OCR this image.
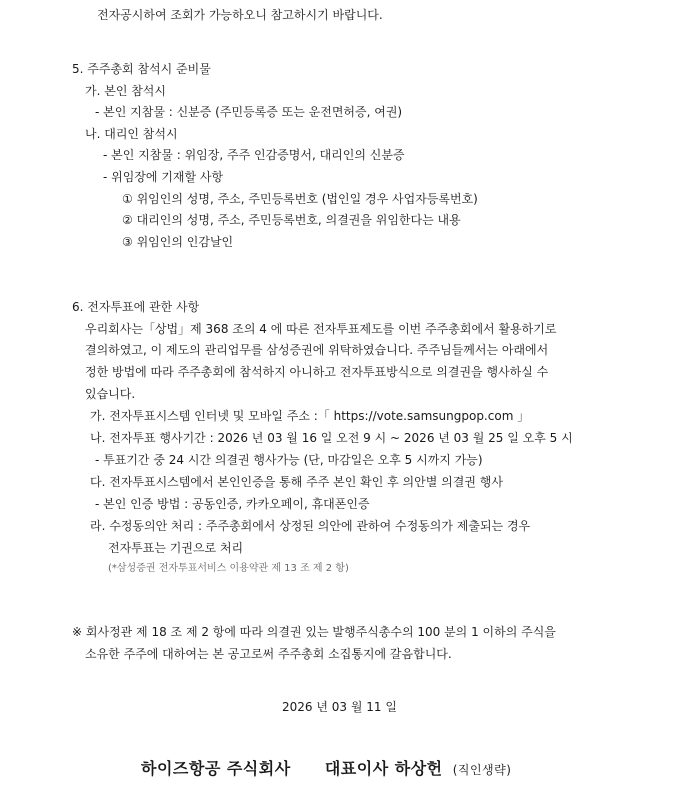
전자공시하여 조회가 가능하오니 참고하시기 바랍니다.
5. 주주총회 참석시 준비물
가. 본인 참석시
- 본인 지참물 : 신분증 (주민등록증 또는 운전면허증, 여권)
나. 대리인 참석시
- 본인 지참물 : 위임장, 주주 인감증명서, 대리인의 신분증
- 위임장에 기재할 사항
① 위임인의 성명, 주소, 주민등록번호 (법인일 경우 사업자등록번호)
② 대리인의 성명, 주소, 주민등록번호, 의결권을 위임한다는 내용
③ 위임인의 인감날인
6. 전자투표에 관한 사항
우리회사는「상법」제 368 조의 4 에 따른 전자투표제도를 이번 주주총회에서 활용하기로
결의하였고, 이 제도의 관리업무를 삼성증권에 위탁하였습니다. 주주님들께서는 아래에서
정한 방법에 따라 주주총회에 참석하지 아니하고 전자투표방식으로 의결권을 행사하실 수
있습니다.
가. 전자투표시스템 인터넷 및 모바일 주소 :「 https://vote.samsungpop.com 」
나. 전자투표 행사기간 : 2026 년 03 월 16 일 오전 9 시 ~ 2026 년 03 월 25 일 오후 5 시
- 투표기간 중 24 시간 의결권 행사가능 (단, 마감일은 오후 5 시까지 가능)
다. 전자투표시스템에서 본인인증을 통해 주주 본인 확인 후 의안별 의결권 행사
- 본인 인증 방법 : 공동인증, 카카오페이, 휴대폰인증
라. 수정동의안 처리 : 주주총회에서 상정된 의안에 관하여 수정동의가 제출되는 경우
전자투표는 기권으로 처리
(*삼성증권 전자투표서비스 이용약관 제 13 조 제 2 항)
※ 회사정관 제 18 조 제 2 항에 따라 의결권 있는 발행주식총수의 100 분의 1 이하의 주식을
소유한 주주에 대하여는 본 공고로써 주주총회 소집통지에 갈음합니다.
2026 년 03 월 11 일
하이즈항공 주식회사 대표이사 하상헌 (직인생략)
